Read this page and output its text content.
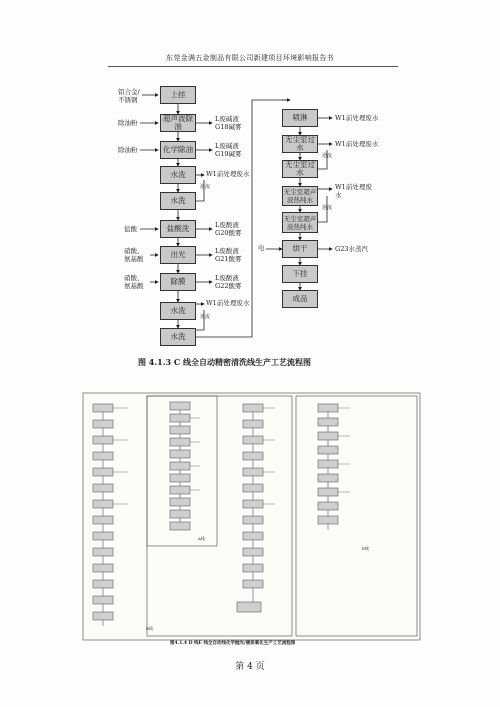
东莞金满五金制品有限公司新建项目环境影响报告书
上挂
超声波除油
化学除油
水洗
水洗
盐酸洗
出光
除膜
水洗
水洗
喷淋
无尘室过水
无尘室过水
无尘室超声
波热纯水
无尘室超声
波热纯水
烘干
下挂
成品
铝合金/
不锈钢
除油粉
除油粉
盐酸
硝酸、
氨基酸
硝酸、
氨基酸
电
L废碱液
G18碱雾
L废碱液
G19碱雾
W1前处理废水
逆流
L废酸液
G20酸雾
L废酸液
G21酸雾
L废酸液
G22酸雾
W1前处理废水
逆流
W1前处理废水
W1前处理废水
逆流
W1前处理废
水
逆流
G23水蒸汽
图 4.1.3 C 线全自动精密清洗线生产工艺流程图
A线
B线
E线
图4.1.4 D 线E 线全自动线化学抛光/硬质氧化生产工艺流程图
第 4 页
